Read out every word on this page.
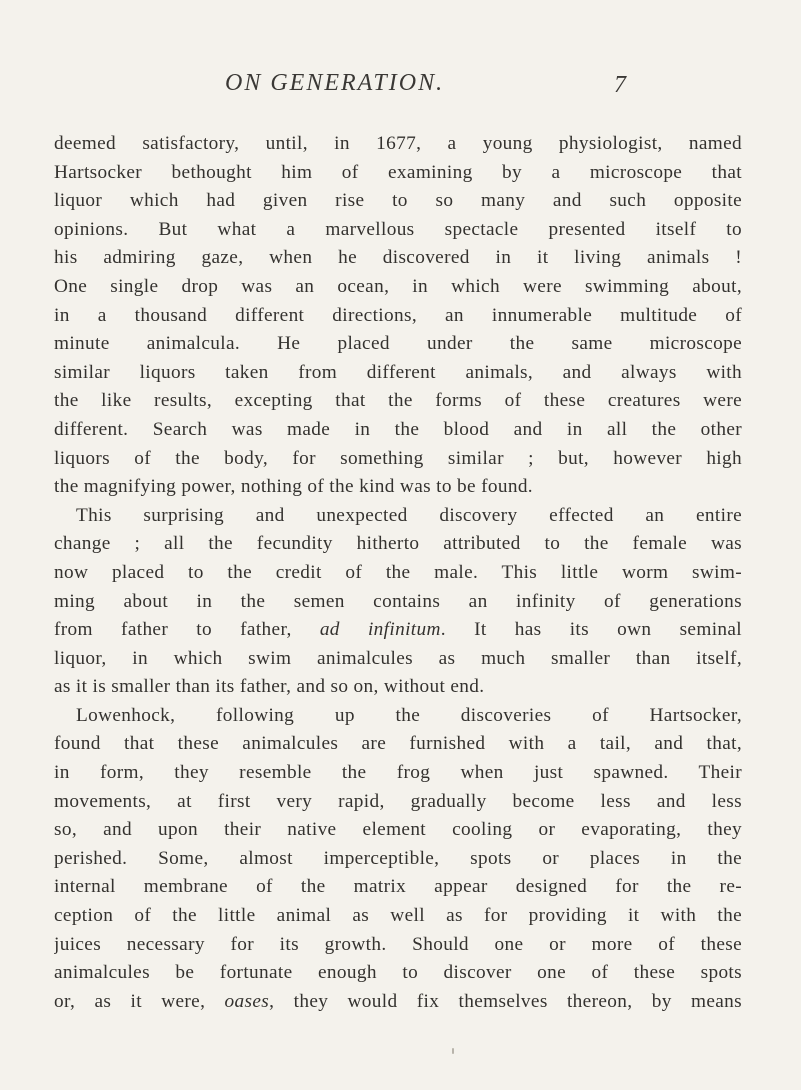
ON GENERATION.	7
deemed satisfactory, until, in 1677, a young physiologist, named
Hartsocker bethought him of examining by a microscope that
liquor which had given rise to so many and such opposite
opinions. But what a marvellous spectacle presented itself to
his admiring gaze, when he discovered in it living animals !
One single drop was an ocean, in which were swimming about,
in a thousand different directions, an innumerable multitude of
minute animalcula. He placed under the same microscope
similar liquors taken from different animals, and always with
the like results, excepting that the forms of these creatures were
different. Search was made in the blood and in all the other
liquors of the body, for something similar ; but, however high
the magnifying power, nothing of the kind was to be found.
This surprising and unexpected discovery effected an entire
change ; all the fecundity hitherto attributed to the female was
now placed to the credit of the male. This little worm swim-
ming about in the semen contains an infinity of generations
from father to father, ad infinitum. It has its own seminal
liquor, in which swim animalcules as much smaller than itself,
as it is smaller than its father, and so on, without end.
Lowenhock, following up the discoveries of Hartsocker,
found that these animalcules are furnished with a tail, and that,
in form, they resemble the frog when just spawned. Their
movements, at first very rapid, gradually become less and less
so, and upon their native element cooling or evaporating, they
perished. Some, almost imperceptible, spots or places in the
internal membrane of the matrix appear designed for the re-
ception of the little animal as well as for providing it with the
juices necessary for its growth. Should one or more of these
animalcules be fortunate enough to discover one of these spots
or, as it were, oases, they would fix themselves thereon, by means
